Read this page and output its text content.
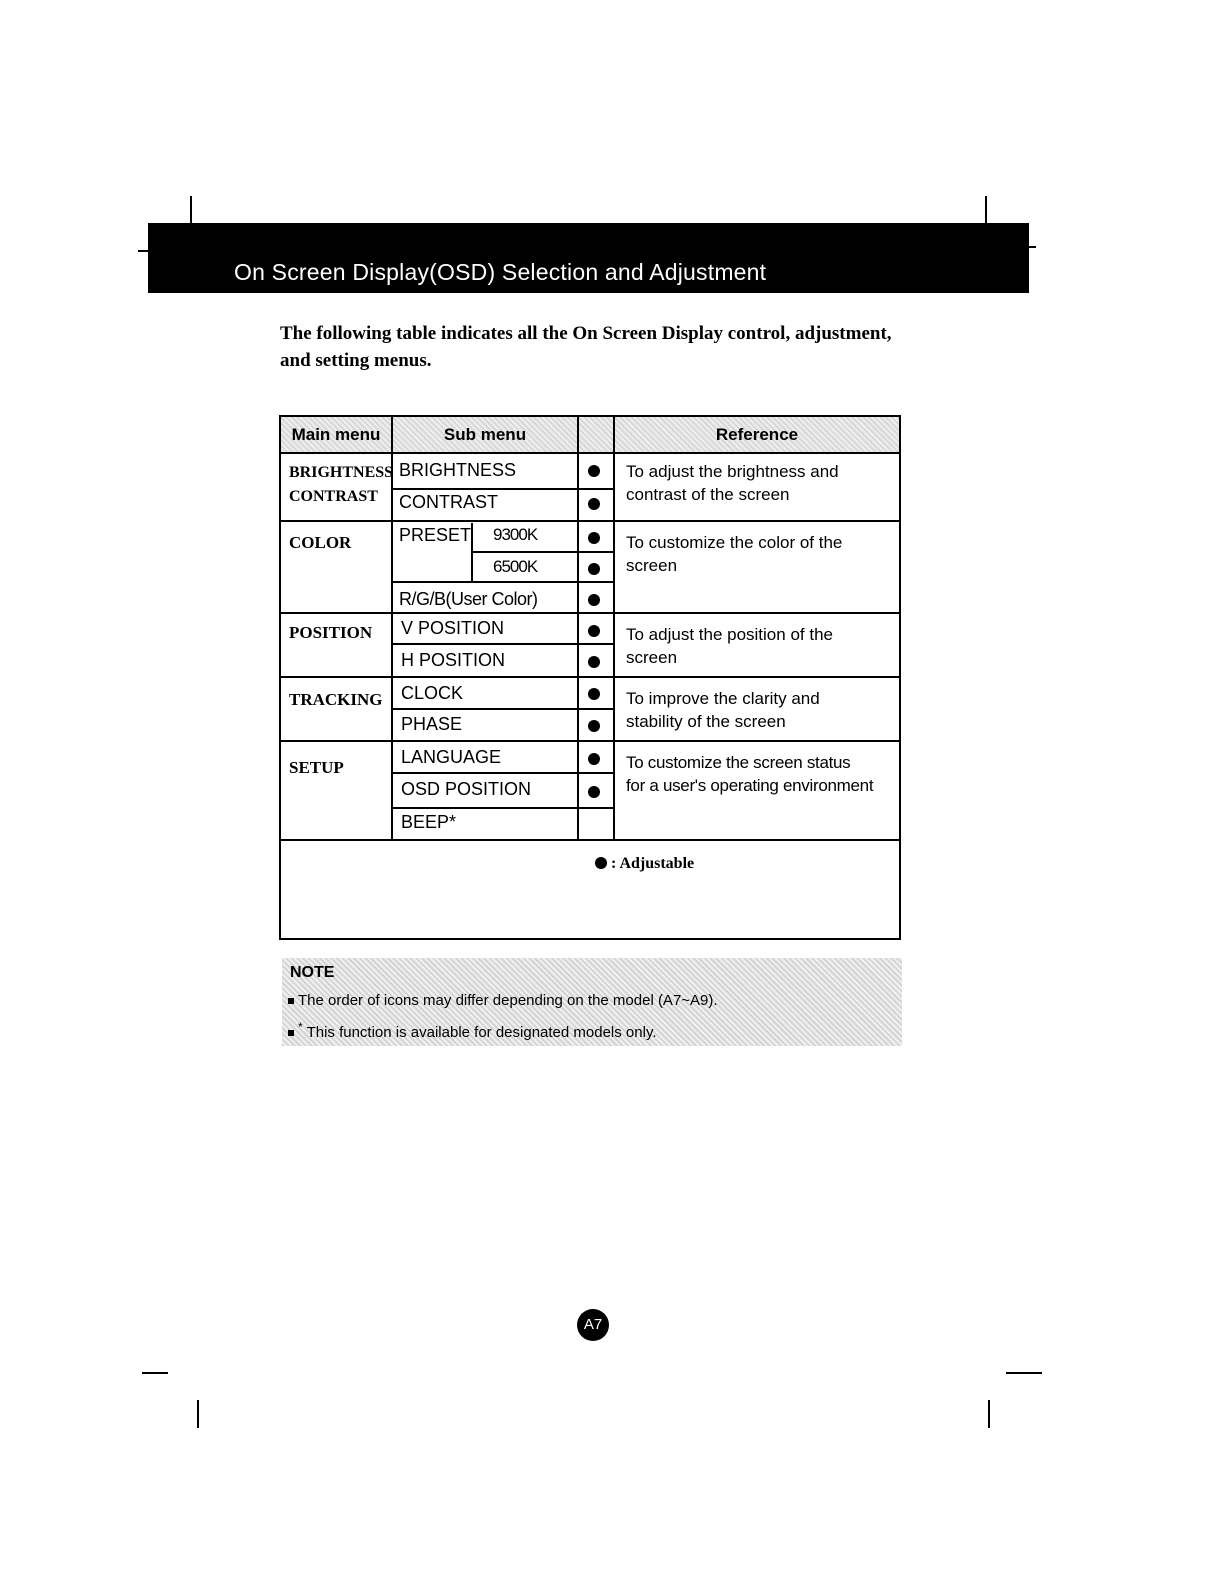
On Screen Display(OSD) Selection and Adjustment
The following table indicates all the On Screen Display control, adjustment,
and setting menus.
Main menu	Sub menu	Reference
BRIGHTNESS
CONTRAST
COLOR
POSITION
TRACKING
SETUP
BRIGHTNESS
CONTRAST
PRESET 9300K
6500K
R/G/B(User Color)
V POSITION
H POSITION
CLOCK
PHASE
LANGUAGE
OSD POSITION
BEEP*
To adjust the brightness and
contrast of the screen
To customize the color of the
screen
To adjust the position of the
screen
To improve the clarity and
stability of the screen
To customize the screen status
for a user's operating environment
: Adjustable
NOTE
The order of icons may differ depending on the model (A7~A9).
* This function is available for designated models only.
A7
